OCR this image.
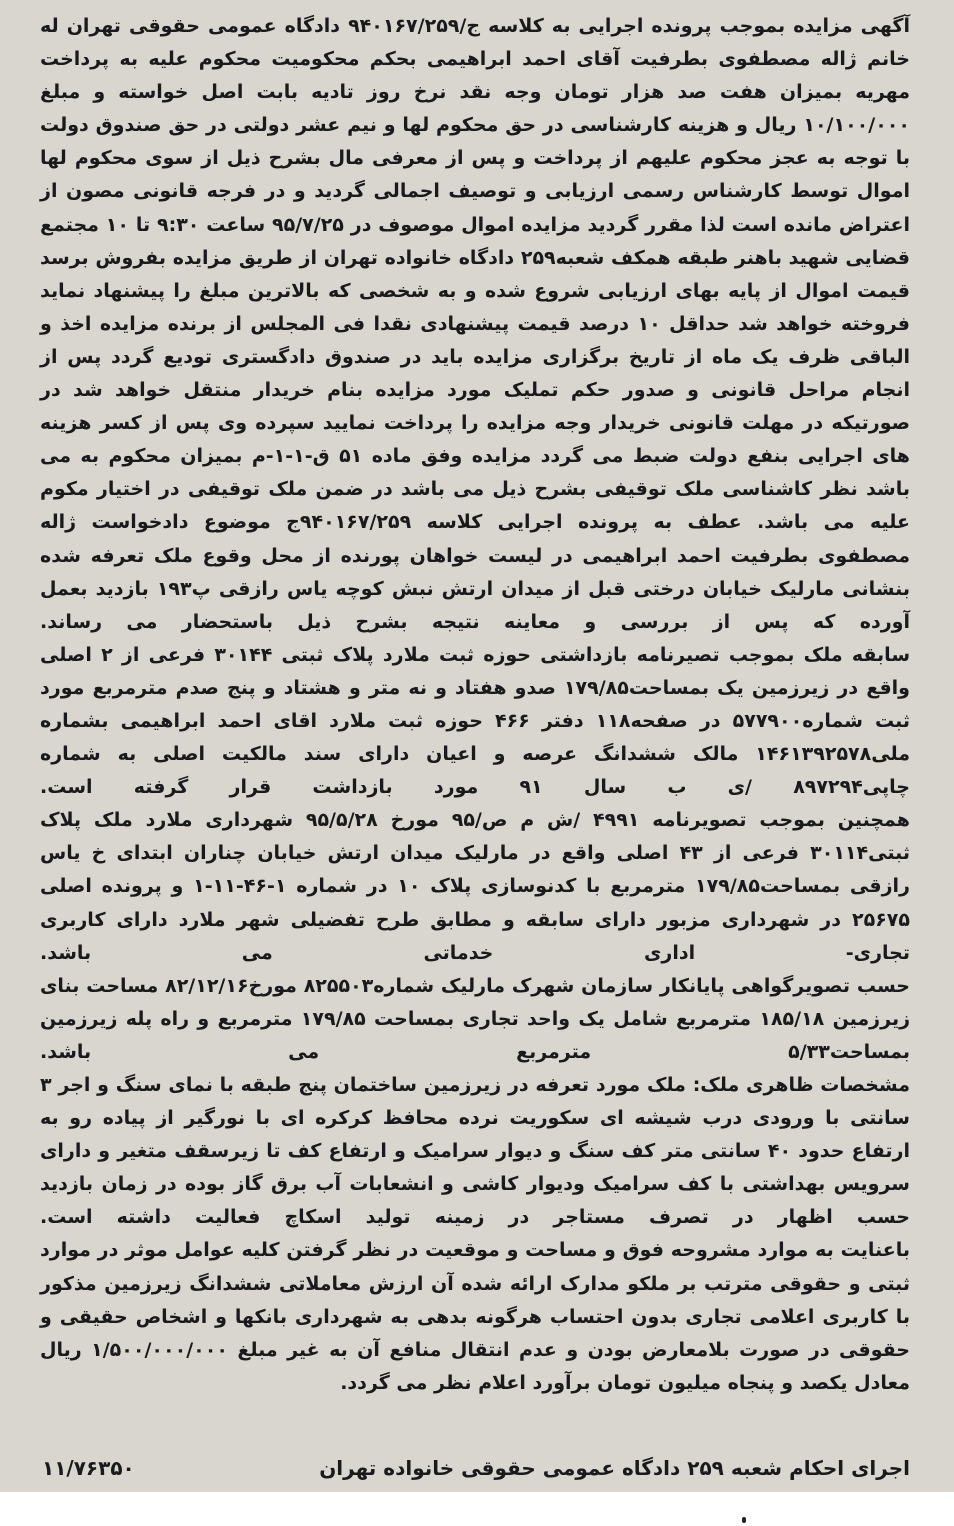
آگهی مزایده بموجب پرونده اجرایی به کلاسه ج/۹۴۰۱۶۷/۲۵۹ دادگاه عمومی حقوقی تهران له خانم ژاله مصطفوی بطرفیت آقای احمد ابراهیمی بحکم محکومیت محکوم علیه به پرداخت مهریه بمیزان هفت صد هزار تومان وجه نقد نرخ روز تادیه بابت اصل خواسته و مبلغ ۱۰/۱۰۰/۰۰۰ ریال و هزینه کارشناسی در حق محکوم لها و نیم عشر دولتی در حق صندوق دولت با توجه به عجز محکوم علیهم از پرداخت و پس از معرفی مال بشرح ذیل از سوی محکوم لها اموال توسط کارشناس رسمی ارزیابی و توصیف اجمالی گردید و در فرجه قانونی مصون از اعتراض مانده است لذا مقرر گردید مزایده اموال موصوف در ۹۵/۷/۲۵ ساعت ۹:۳۰ تا ۱۰ مجتمع قضایی شهید باهنر طبقه همکف شعبه۲۵۹ دادگاه خانواده تهران از طریق مزایده بفروش برسد قیمت اموال از پایه بهای ارزیابی شروع شده و به شخصی که بالاترین مبلغ را پیشنهاد نماید فروخته خواهد شد حداقل ۱۰ درصد قیمت پیشنهادی نقدا فی المجلس از برنده مزایده اخذ و الباقی ظرف یک ماه از تاریخ برگزاری مزایده باید در صندوق دادگستری تودیع گردد پس از انجام مراحل قانونی و صدور حکم تملیک مورد مزایده بنام خریدار منتقل خواهد شد در صورتیکه در مهلت قانونی خریدار وجه مزایده را پرداخت نمایید سپرده وی پس از کسر هزینه های اجرایی بنفع دولت ضبط می گردد مزایده وفق ماده ۵۱ ق-۱-۱-م بمیزان محکوم به می باشد نظر کاشناسی ملک توقیفی بشرح ذیل می باشد در ضمن ملک توقیفی در اختیار مکوم علیه می باشد. عطف به پرونده اجرایی کلاسه ۹۴۰۱۶۷/۲۵۹ج موضوع دادخواست ژاله مصطفوی بطرفیت احمد ابراهیمی در لیست خواهان پورنده از محل وقوع ملک تعرفه شده بنشانی مارلیک خیابان درختی قبل از میدان ارتش نبش کوچه یاس رازقی پ۱۹۳ بازدید بعمل آورده که پس از بررسی و معاینه نتیجه بشرح ذیل باستحضار می رساند.

سابقه ملک بموجب تصیرنامه بازداشتی حوزه ثبت ملارد پلاک ثبتی ۳۰۱۴۴ فرعی از ۲ اصلی واقع در زیرزمین یک بمساحت۱۷۹/۸۵ صدو هفتاد و نه متر و هشتاد و پنج صدم مترمربع مورد ثبت شماره۵۷۷۹۰۰ در صفحه۱۱۸ دفتر ۴۶۶ حوزه ثبت ملارد اقای احمد ابراهیمی بشماره ملی۱۴۶۱۳۹۲۵۷۸ مالک ششدانگ عرصه و اعیان دارای سند مالکیت اصلی به شماره چاپی۸۹۷۲۹۴ /ی ب سال ۹۱ مورد بازداشت قرار گرفته است.

همچنین بموجب تصویرنامه ۴۹۹۱ /ش م ص/۹۵ مورخ ۹۵/۵/۲۸ شهرداری ملارد ملک پلاک ثبتی۳۰۱۱۴ فرعی از ۴۳ اصلی واقع در مارلیک میدان ارتش خیابان چناران ابتدای خ یاس رازقی بمساحت۱۷۹/۸۵ مترمربع با کدنوسازی پلاک ۱۰ در شماره ۱-۴۶-۱۱-۱ و پرونده اصلی ۲۵۶۷۵ در شهرداری مزبور دارای سابقه و مطابق طرح تفضیلی شهر ملارد دارای کاربری تجاری- اداری خدماتی می باشد.

حسب تصویرگواهی پایانکار سازمان شهرک مارلیک شماره۸۲۵۵۰۳ مورخ۸۲/۱۲/۱۶ مساحت بنای زیرزمین ۱۸۵/۱۸ مترمربع شامل یک واحد تجاری بمساحت ۱۷۹/۸۵ مترمربع و راه پله زیرزمین بمساحت۵/۳۳ مترمربع می باشد.

مشخصات ظاهری ملک: ملک مورد تعرفه در زیرزمین ساختمان پنج طبقه با نمای سنگ و اجر ۳ سانتی با ورودی درب شیشه ای سکوریت نرده محافظ کرکره ای با نورگیر از پیاده رو به ارتفاع حدود ۴۰ سانتی متر کف سنگ و دیوار سرامیک و ارتفاع کف تا زیرسقف متغیر و دارای سرویس بهداشتی با کف سرامیک ودیوار کاشی و انشعابات آب برق گاز بوده در زمان بازدید حسب اظهار در تصرف مستاجر در زمینه تولید اسکاچ فعالیت داشته است.

باعنایت به موارد مشروحه فوق و مساحت و موقعیت در نظر گرفتن کلیه عوامل موثر در موارد ثبتی و حقوقی مترتب بر ملکو مدارک ارائه شده آن ارزش معاملاتی ششدانگ زیرزمین مذکور با کاربری اعلامی تجاری بدون احتساب هرگونه بدهی به شهرداری بانکها و اشخاص حقیقی و حقوقی در صورت بلامعارض بودن و عدم انتقال منافع آن به غیر مبلغ ۱/۵۰۰/۰۰۰/۰۰۰ ریال معادل یکصد و پنجاه میلیون تومان برآورد اعلام نظر می گردد.

اجرای احکام شعبه ۲۵۹ دادگاه عمومی حقوقی خانواده تهران
۱۱/۷۶۳۵۰
